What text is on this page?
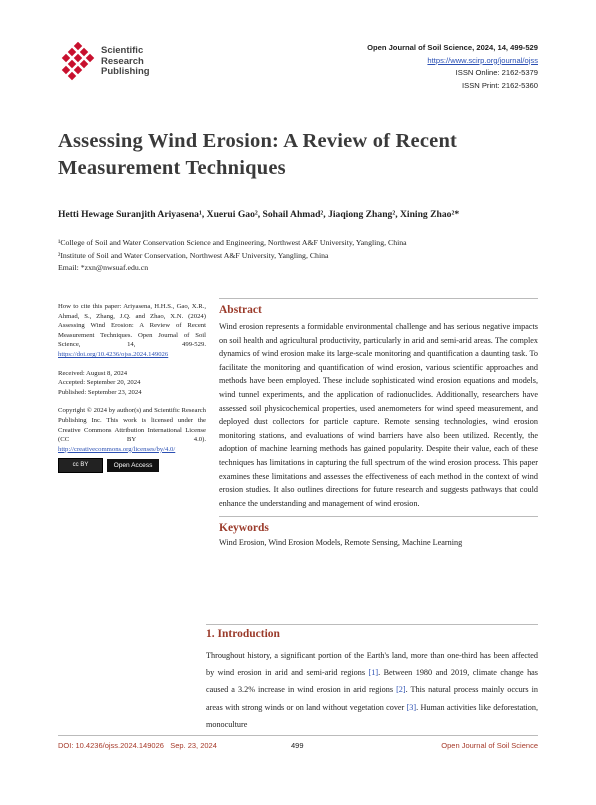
Scientific
Research
Publishing
Open Journal of Soil Science, 2024, 14, 499-529
https://www.scirp.org/journal/ojss
ISSN Online: 2162-5379
ISSN Print: 2162-5360
Assessing Wind Erosion: A Review of Recent Measurement Techniques
Hetti Hewage Suranjith Ariyasena¹, Xuerui Gao², Sohail Ahmad², Jiaqiong Zhang², Xining Zhao²*
¹College of Soil and Water Conservation Science and Engineering, Northwest A&F University, Yangling, China
²Institute of Soil and Water Conservation, Northwest A&F University, Yangling, China
Email: *zxn@nwsuaf.edu.cn

How to cite this paper: Ariyasena, H.H.S., Gao, X.R., Ahmad, S., Zhang, J.Q. and Zhao, X.N. (2024) Assessing Wind Erosion: A Review of Recent Measurement Techniques. Open Journal of Soil Science, 14, 499-529. https://doi.org/10.4236/ojss.2024.149026

Received: August 8, 2024

Accepted: September 20, 2024

Published: September 23, 2024

Copyright © 2024 by author(s) and Scientific Research Publishing Inc. This work is licensed under the Creative Commons Attribution International License (CC BY 4.0). http://creativecommons.org/licenses/by/4.0/

cc BY	Open Access
Abstract

Wind erosion represents a formidable environmental challenge and has serious negative impacts on soil health and agricultural productivity, particularly in arid and semi-arid areas. The complex dynamics of wind erosion make its large-scale monitoring and quantification a daunting task. To facilitate the monitoring and quantification of wind erosion, various scientific approaches and methods have been employed. These include sophisticated wind erosion equations and models, wind tunnel experiments, and the application of radionuclides. Additionally, researchers have assessed soil physicochemical properties, used anemometers for wind speed measurement, and deployed dust collectors for particle capture. Remote sensing technologies, wind erosion monitoring stations, and evaluations of wind barriers have also been utilized. Recently, the adoption of machine learning methods has gained popularity. Despite their value, each of these techniques has limitations in capturing the full spectrum of the wind erosion process. This paper examines these limitations and assesses the effectiveness of each method in the context of wind erosion studies. It also outlines directions for future research and suggests pathways that could enhance the understanding and management of wind erosion.

Keywords
Wind Erosion, Wind Erosion Models, Remote Sensing, Machine Learning
1. Introduction

Throughout history, a significant portion of the Earth's land, more than one-third has been affected by wind erosion in arid and semi-arid regions [1]. Between 1980 and 2019, climate change has caused a 3.2% increase in wind erosion in arid regions [2]. This natural process mainly occurs in areas with strong winds or on land without vegetation cover [3]. Human activities like deforestation, monoculture

DOI: 10.4236/ojss.2024.149026 Sep. 23, 2024	499	Open Journal of Soil Science
